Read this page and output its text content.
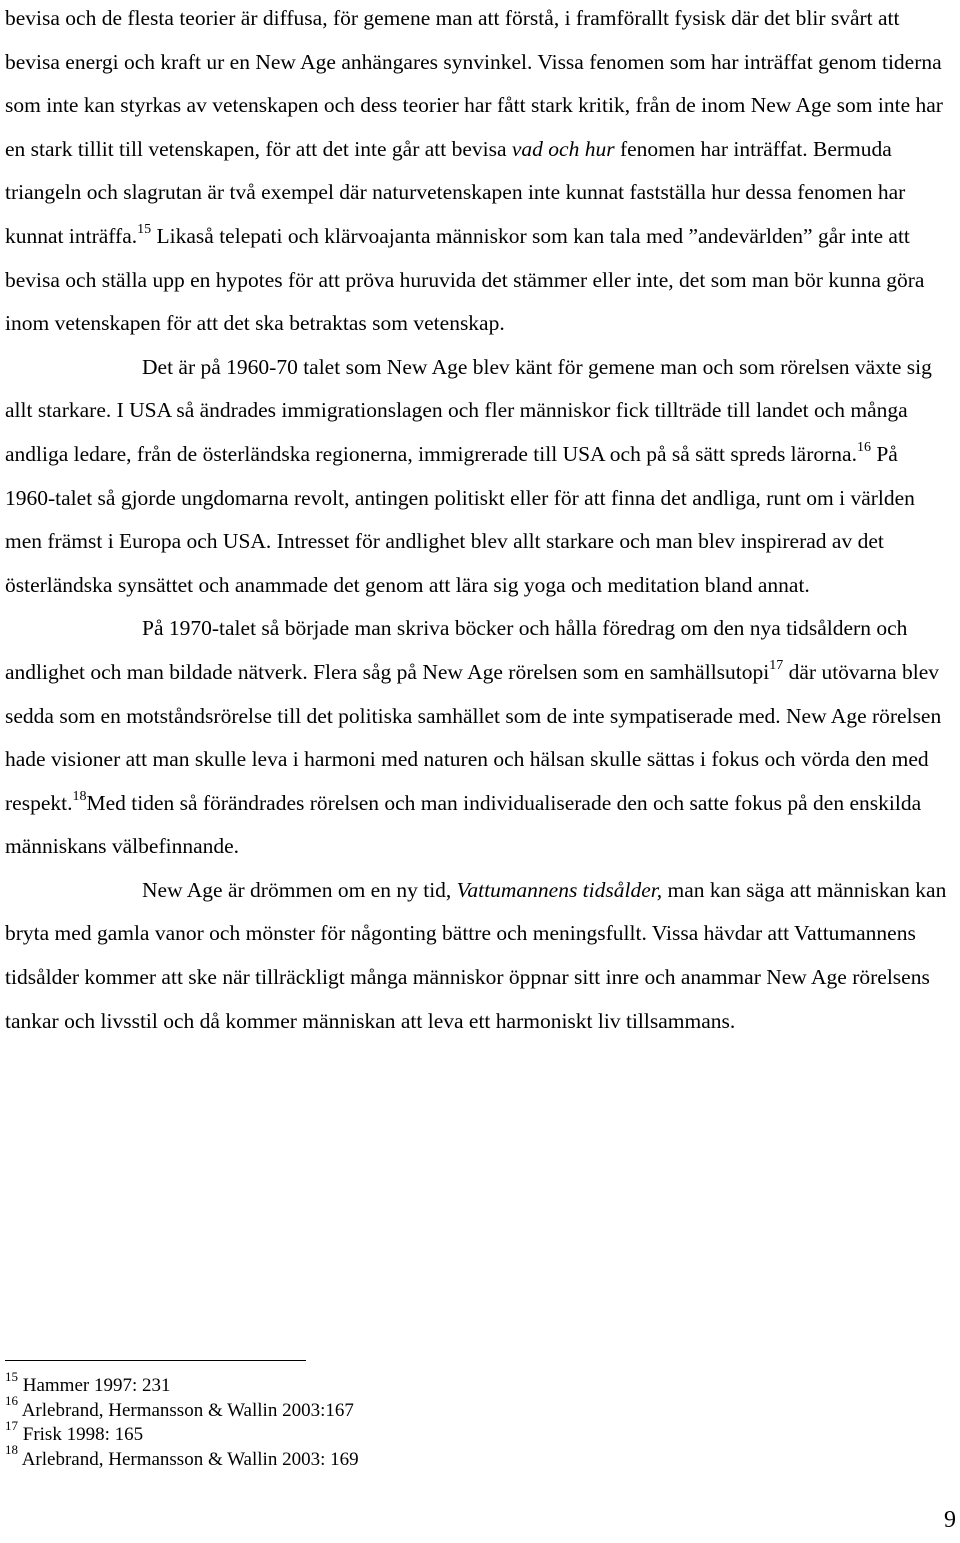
bevisa och de flesta teorier är diffusa, för gemene man att förstå, i framförallt fysisk där det blir svårt att bevisa energi och kraft ur en New Age anhängares synvinkel. Vissa fenomen som har inträffat genom tiderna som inte kan styrkas av vetenskapen och dess teorier har fått stark kritik, från de inom New Age som inte har en stark tillit till vetenskapen, för att det inte går att bevisa vad och hur fenomen har inträffat. Bermuda triangeln och slagrutan är två exempel där naturvetenskapen inte kunnat fastställa hur dessa fenomen har kunnat inträffa.$^{15}$ Likaså telepati och klärvoajanta människor som kan tala med ”andevärlden” går inte att bevisa och ställa upp en hypotes för att pröva huruvida det stämmer eller inte, det som man bör kunna göra inom vetenskapen för att det ska betraktas som vetenskap.

Det är på 1960-70 talet som New Age blev känt för gemene man och som rörelsen växte sig allt starkare. I USA så ändrades immigrationslagen och fler människor fick tillträde till landet och många andliga ledare, från de österländska regionerna, immigrerade till USA och på så sätt spreds lärorna.$^{16}$ På 1960-talet så gjorde ungdomarna revolt, antingen politiskt eller för att finna det andliga, runt om i världen men främst i Europa och USA. Intresset för andlighet blev allt starkare och man blev inspirerad av det österländska synsättet och anammade det genom att lära sig yoga och meditation bland annat.

På 1970-talet så började man skriva böcker och hålla föredrag om den nya tidsåldern och andlighet och man bildade nätverk. Flera såg på New Age rörelsen som en samhällsutopi$^{17}$ där utövarna blev sedda som en motståndsrörelse till det politiska samhället som de inte sympatiserade med. New Age rörelsen hade visioner att man skulle leva i harmoni med naturen och hälsan skulle sättas i fokus och vörda den med respekt.$^{18}$Med tiden så förändrades rörelsen och man individualiserade den och satte fokus på den enskilda människans välbefinnande.

New Age är drömmen om en ny tid, Vattumannens tidsålder, man kan säga att människan kan bryta med gamla vanor och mönster för någonting bättre och meningsfullt. Vissa hävdar att Vattumannens tidsålder kommer att ske när tillräckligt många människor öppnar sitt inre och anammar New Age rörelsens tankar och livsstil och då kommer människan att leva ett harmoniskt liv tillsammans.

$^{15}$ Hammer 1997: 231
$^{16}$ Arlebrand, Hermansson & Wallin 2003:167
$^{17}$ Frisk 1998: 165
$^{18}$ Arlebrand, Hermansson & Wallin 2003: 169
9
